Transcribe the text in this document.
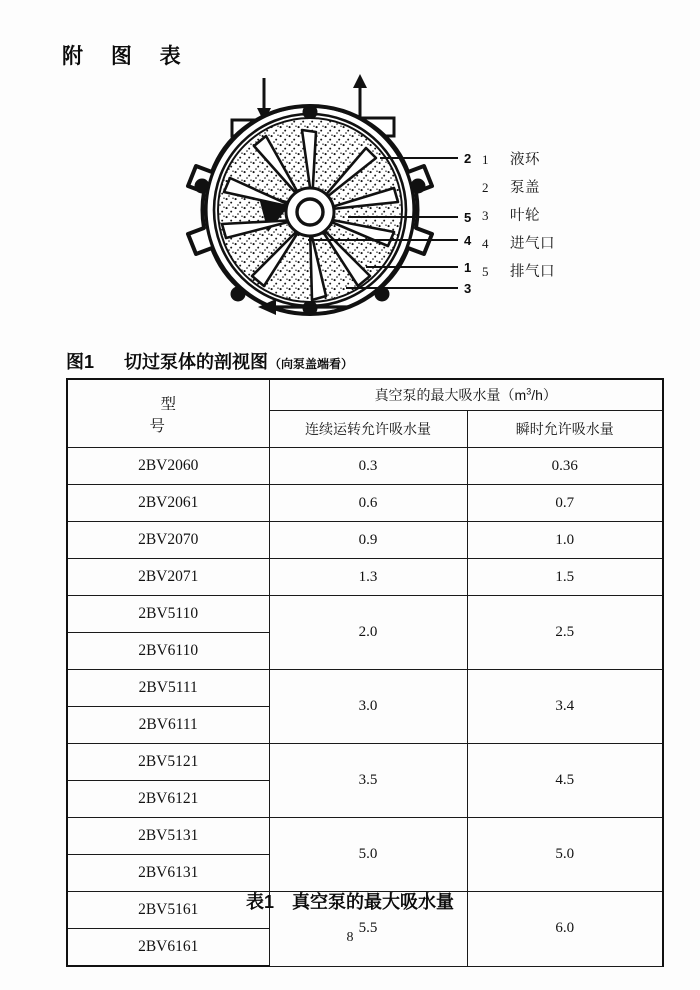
附 图 表
2
5
4
1
3
1	液环
2	泵盖
3	叶轮
4	进气口
5	排气口
图1 切过泵体的剖视图（向泵盖端看）
型　　　号	真空泵的最大吸水量$(m^3/h)$	
	连续运转允许吸水量	瞬时允许吸水量
2BV2060	0.3	0.36
2BV2061	0.6	0.7
2BV2070	0.9	1.0
2BV2071	1.3	1.5
2BV5110	2.0	2.5
2BV6110		
2BV5111	3.0	3.4
2BV6111		
2BV5121	3.5	4.5
2BV6121		
2BV5131	5.0	5.0
2BV6131		
2BV5161	5.5	6.0
2BV6161		
表1 真空泵的最大吸水量
8
